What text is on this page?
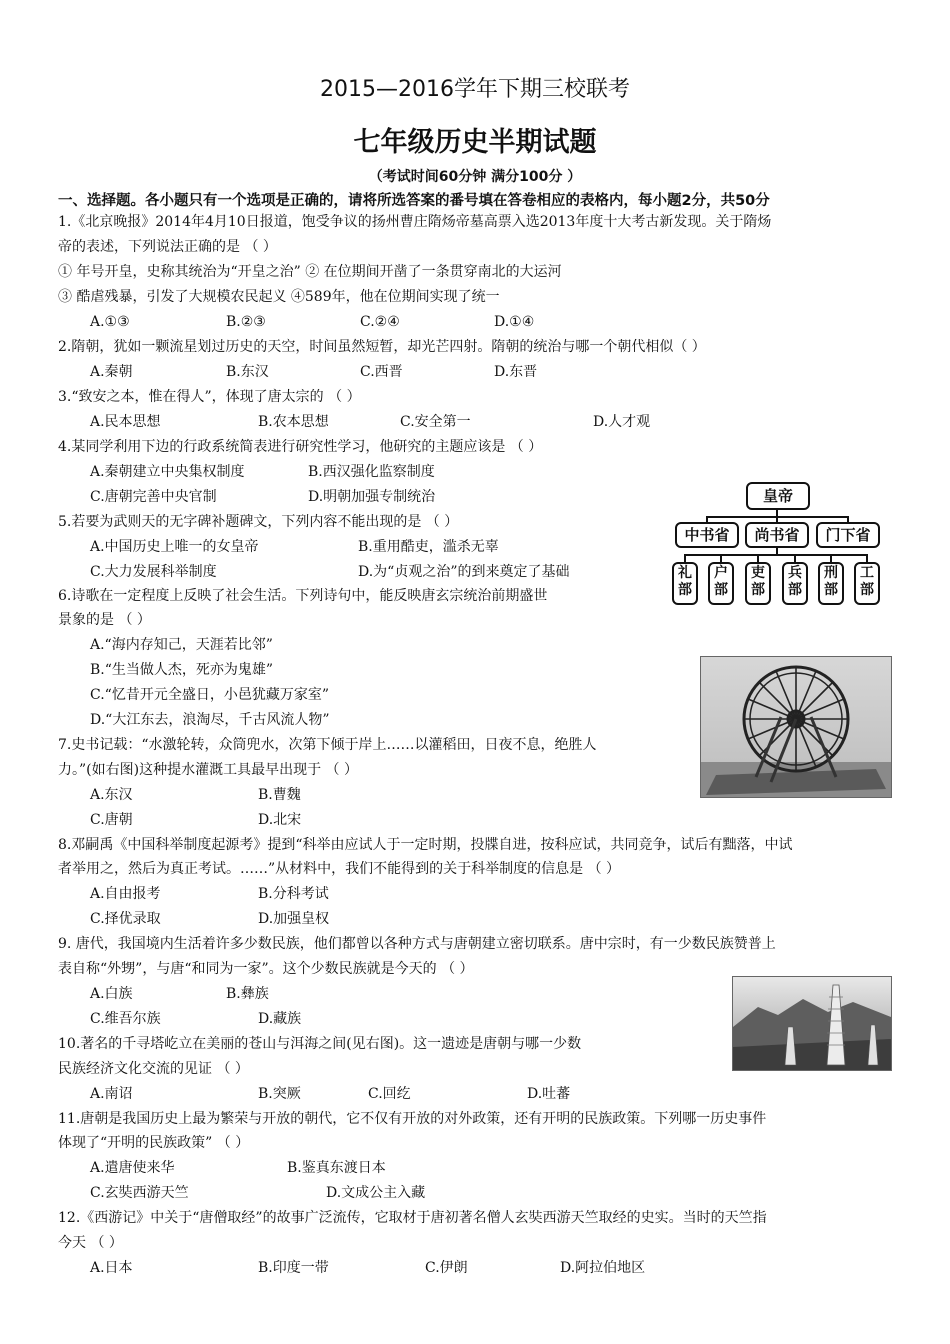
2015—2016学年下期三校联考
七年级历史半期试题
（考试时间60分钟 满分100分 ）
一、选择题。各小题只有一个选项是正确的，请将所选答案的番号填在答卷相应的表格内，每小题2分，共50分
1.《北京晚报》2014年4月10日报道，饱受争议的扬州曹庄隋炀帝墓高票入选2013年度十大考古新发现。关于隋炀
帝的表述，下列说法正确的是 （ ）
① 年号开皇，史称其统治为“开皇之治” ② 在位期间开凿了一条贯穿南北的大运河
③ 酷虐残暴，引发了大规模农民起义 ④589年，他在位期间实现了统一
A.①③	B.②③	C.②④	D.①④
2.隋朝，犹如一颗流星划过历史的天空，时间虽然短暂，却光芒四射。隋朝的统治与哪一个朝代相似（ ）
A.秦朝	B.东汉	C.西晋	D.东晋
3.“致安之本，惟在得人”，体现了唐太宗的 （ ）
A.民本思想	B.农本思想	C.安全第一	D.人才观
4.某同学利用下边的行政系统简表进行研究性学习，他研究的主题应该是 （ ）
A.秦朝建立中央集权制度	B.西汉强化监察制度
C.唐朝完善中央官制	D.明朝加强专制统治
5.若要为武则天的无字碑补题碑文，下列内容不能出现的是 （ ）
A.中国历史上唯一的女皇帝	B.重用酷吏，滥杀无辜
C.大力发展科举制度	D.为“贞观之治”的到来奠定了基础
6.诗歌在一定程度上反映了社会生活。下列诗句中，能反映唐玄宗统治前期盛世
景象的是 （ ）
A.“海内存知己，天涯若比邻”
B.“生当做人杰，死亦为鬼雄”
C.“忆昔开元全盛日，小邑犹藏万家室”
D.“大江东去，浪淘尽，千古风流人物”
7.史书记载：“水激轮转，众筒兜水，次第下倾于岸上……以灌稻田，日夜不息，绝胜人
力。”(如右图)这种提水灌溉工具最早出现于 （ ）
A.东汉	B.曹魏
C.唐朝	D.北宋
8.邓嗣禹《中国科举制度起源考》提到“科举由应试人于一定时期，投牒自进，按科应试，共同竞争，试后有黜落，中试
者举用之，然后为真正考试。……”从材料中，我们不能得到的关于科举制度的信息是 （ ）
A.自由报考	B.分科考试
C.择优录取	D.加强皇权
9. 唐代，我国境内生活着许多少数民族，他们都曾以各种方式与唐朝建立密切联系。唐中宗时，有一少数民族赞普上
表自称“外甥”，与唐“和同为一家”。这个少数民族就是今天的 （ ）
A.白族	B.彝族
C.维吾尔族	D.藏族
10.著名的千寻塔屹立在美丽的苍山与洱海之间(见右图)。这一遗迹是唐朝与哪一少数
民族经济文化交流的见证 （ ）
A.南诏	B.突厥	C.回纥	D.吐蕃
11.唐朝是我国历史上最为繁荣与开放的朝代，它不仅有开放的对外政策，还有开明的民族政策。下列哪一历史事件
体现了“开明的民族政策” （ ）
A.遣唐使来华	B.鉴真东渡日本
C.玄奘西游天竺	D.文成公主入藏
12.《西游记》中关于“唐僧取经”的故事广泛流传，它取材于唐初著名僧人玄奘西游天竺取经的史实。当时的天竺指
今天 （ ）
A.日本	B.印度一带	C.伊朗	D.阿拉伯地区
皇帝
中书省	尚书省	门下省
礼部
户部
吏部
兵部
刑部
工部
